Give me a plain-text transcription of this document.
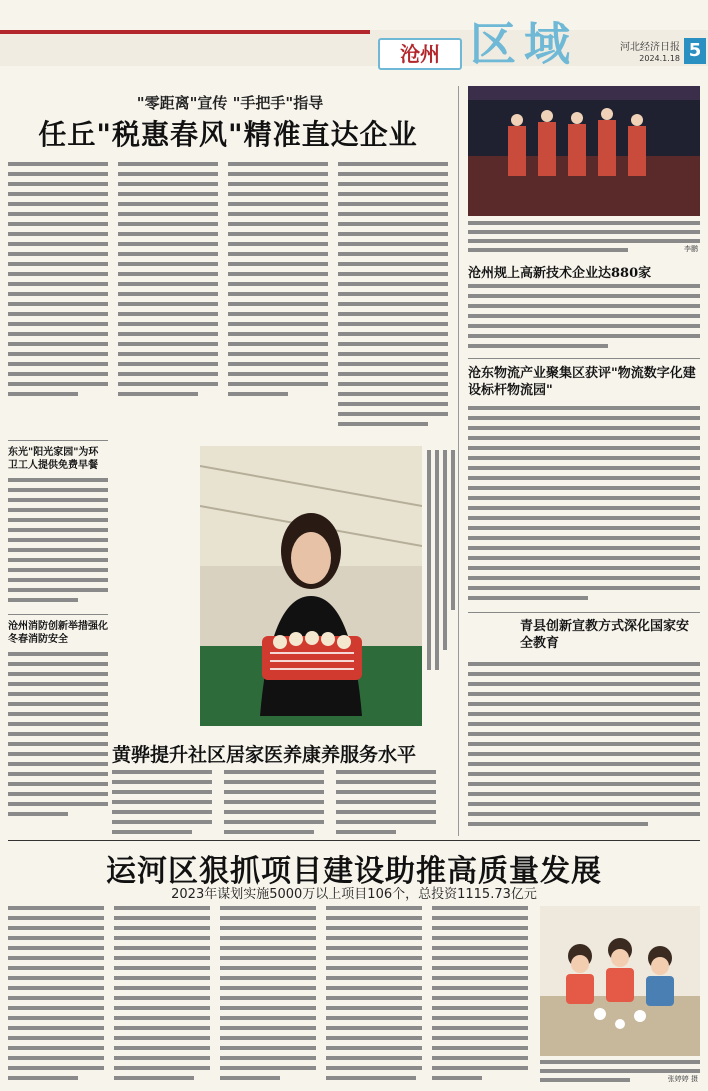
沧州 区域	河北经济日报
2024.1.18 5
"零距离"宣传 "手把手"指导
任丘"税惠春风"精准直达企业
李鹏
沧州规上高新技术企业达880家
沧东物流产业聚集区获评"物流数字化建设标杆物流园"
青县创新宣教方式深化国家安全教育
东光"阳光家园"为环卫工人提供免费早餐
沧州消防创新举措强化冬春消防安全
黄骅提升社区居家医养康养服务水平
运河区狠抓项目建设助推高质量发展
2023年谋划实施5000万以上项目106个，总投资1115.73亿元
张婷婷 摄
